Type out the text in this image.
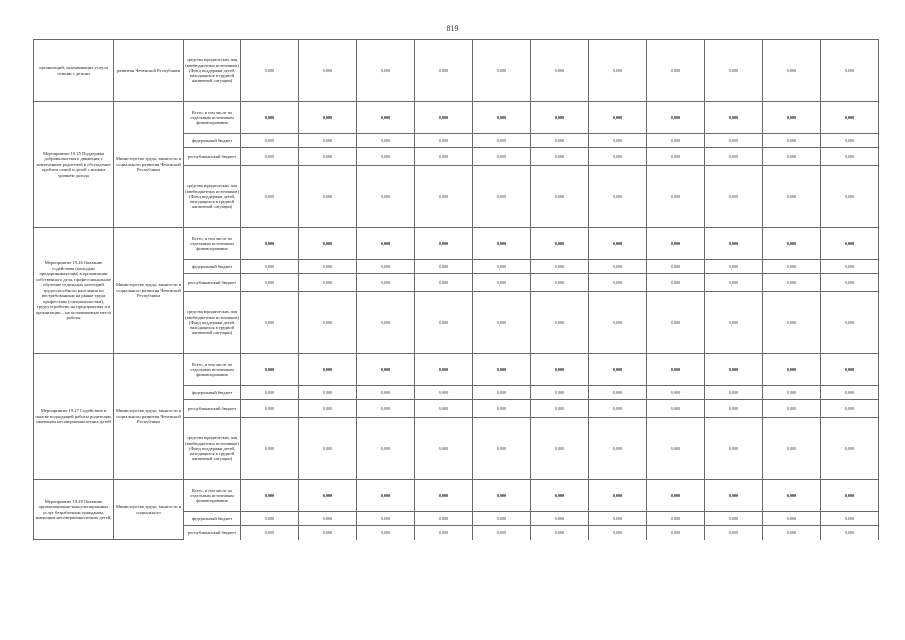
819
организаций, оказывающих услуги семьям с детьми	развития Чеченской Республики	средства юридических лиц (внебюджетных источников) (Фонд поддержки детей, находящихся в трудной жизненной ситуации)	0,000	0,000	0,000	0,000	0,000	0,000	0,000	0,000	0,000	0,000	0,000
Мероприятие 19.25 Поддержка добровольческого движения с вовлечением родителей в обсуждение проблем семей и детей с низким уровнем дохода	Министерство труда, занятости и социального развития Чеченской Республики	Всего, в том числе по отдельным источникам финансирования	0,000	0,000	0,000	0,000	0,000	0,000	0,000	0,000	0,000	0,000	0,000
		федеральный бюджет	0,000	0,000	0,000	0,000	0,000	0,000	0,000	0,000	0,000	0,000	0,000
		республиканский бюджет	0,000	0,000	0,000	0,000	0,000	0,000	0,000	0,000	0,000	0,000	0,000
		средства юридических лиц (внебюджетных источников) (Фонд поддержки детей, находящихся в трудной жизненной ситуации)	0,000	0,000	0,000	0,000	0,000	0,000	0,000	0,000	0,000	0,000	0,000
Мероприятие 19.26 Оказание содействия (молодым предпринимателям) в организации собственного дела, профессиональное обучение отдельных категорий трудоспособного населения по востребованным на рынке труда профессиям (специальностям), трудоустройство на предприятиях и в организации – на оплачиваемые места работы	Министерство труда, занятости и социального развития Чеченской Республики	Всего, в том числе по отдельным источникам финансирования	0,000	0,000	0,000	0,000	0,000	0,000	0,000	0,000	0,000	0,000	0,000
		федеральный бюджет	0,000	0,000	0,000	0,000	0,000	0,000	0,000	0,000	0,000	0,000	0,000
		республиканский бюджет	0,000	0,000	0,000	0,000	0,000	0,000	0,000	0,000	0,000	0,000	0,000
		средства юридических лиц (внебюджетных источников) (Фонд поддержки детей, находящихся в трудной жизненной ситуации)	0,000	0,000	0,000	0,000	0,000	0,000	0,000	0,000	0,000	0,000	0,000
Мероприятие 19.27 Содействие в поиске подходящей работы родителям, имеющим несовершеннолетних детей	Министерство труда, занятости и социального развития Чеченской Республики	Всего, в том числе по отдельным источникам финансирования	0,000	0,000	0,000	0,000	0,000	0,000	0,000	0,000	0,000	0,000	0,000
		федеральный бюджет	0,000	0,000	0,000	0,000	0,000	0,000	0,000	0,000	0,000	0,000	0,000
		республиканский бюджет	0,000	0,000	0,000	0,000	0,000	0,000	0,000	0,000	0,000	0,000	0,000
		средства юридических лиц (внебюджетных источников) (Фонд поддержки детей, находящихся в трудной жизненной ситуации)	0,000	0,000	0,000	0,000	0,000	0,000	0,000	0,000	0,000	0,000	0,000
Мероприятие 19.28 Оказание организационно-консультационных услуг безработным гражданам, имеющим несовершеннолетних детей,	Министерство труда, занятости и социального	Всего, в том числе по отдельным источникам финансирования	0,000	0,000	0,000	0,000	0,000	0,000	0,000	0,000	0,000	0,000	0,000
		федеральный бюджет	0,000	0,000	0,000	0,000	0,000	0,000	0,000	0,000	0,000	0,000	0,000
		республиканский бюджет	0,000	0,000	0,000	0,000	0,000	0,000	0,000	0,000	0,000	0,000	0,000
